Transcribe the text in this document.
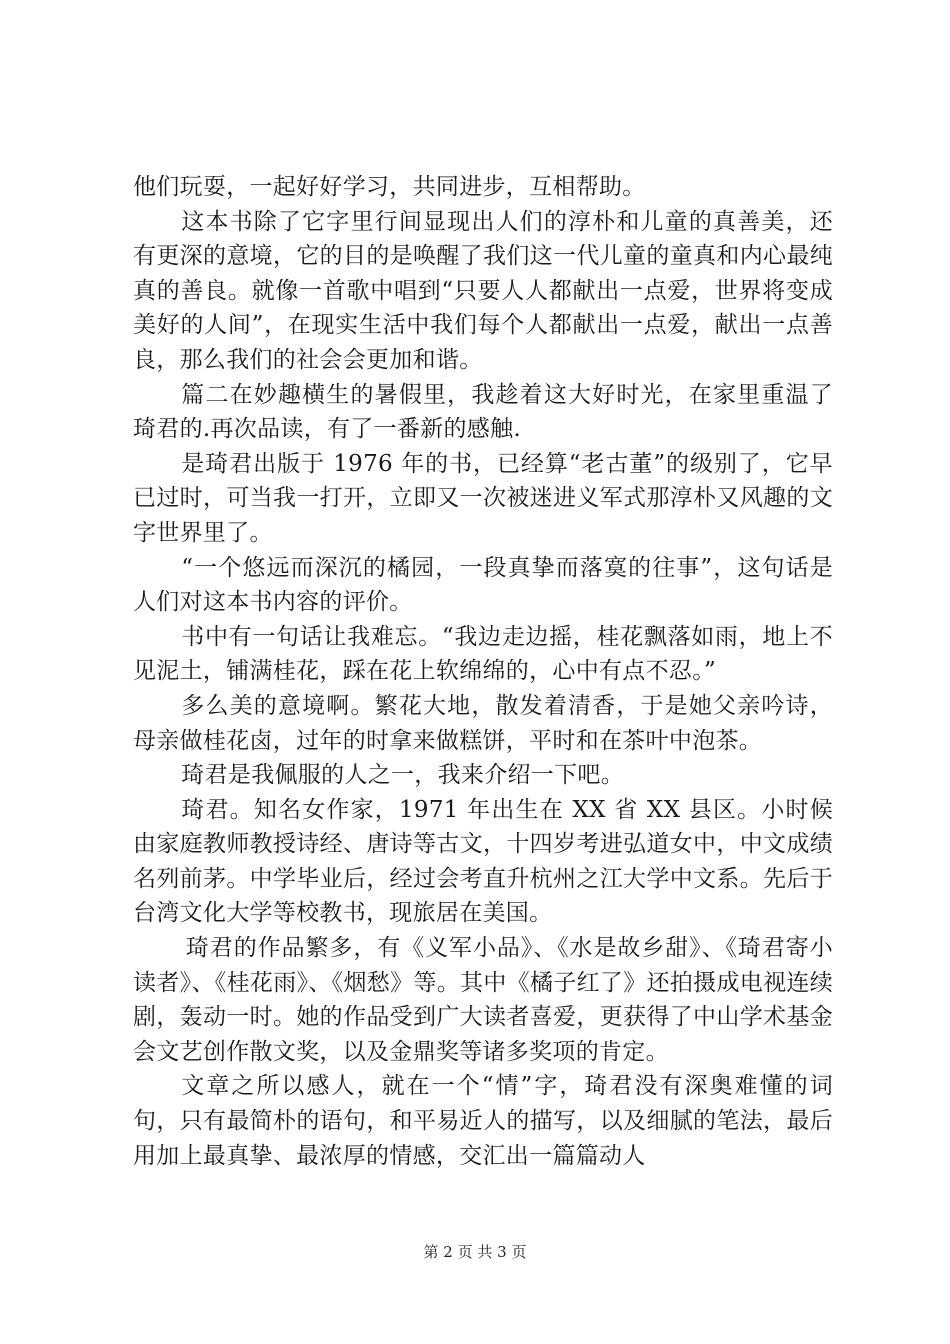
他们玩耍，一起好好学习，共同进步，互相帮助。

这本书除了它字里行间显现出人们的淳朴和儿童的真善美，还有更深的意境，它的目的是唤醒了我们这一代儿童的童真和内心最纯真的善良。就像一首歌中唱到“只要人人都献出一点爱，世界将变成美好的人间”，在现实生活中我们每个人都献出一点爱，献出一点善良，那么我们的社会会更加和谐。

篇二在妙趣横生的暑假里，我趁着这大好时光，在家里重温了琦君的.再次品读，有了一番新的感触.

是琦君出版于 1976 年的书，已经算“老古董”的级别了，它早已过时，可当我一打开，立即又一次被迷进义军式那淳朴又风趣的文字世界里了。

“一个悠远而深沉的橘园，一段真挚而落寞的往事”，这句话是人们对这本书内容的评价。

书中有一句话让我难忘。“我边走边摇，桂花飘落如雨，地上不见泥土，铺满桂花，踩在花上软绵绵的，心中有点不忍。”

多么美的意境啊。繁花大地，散发着清香，于是她父亲吟诗，母亲做桂花卤，过年的时拿来做糕饼，平时和在茶叶中泡茶。

琦君是我佩服的人之一，我来介绍一下吧。

琦君。知名女作家，1971 年出生在 XX 省 XX 县区。小时候由家庭教师教授诗经、唐诗等古文，十四岁考进弘道女中，中文成绩名列前茅。中学毕业后，经过会考直升杭州之江大学中文系。先后于台湾文化大学等校教书，现旅居在美国。

琦君的作品繁多，有《义军小品》、《水是故乡甜》、《琦君寄小读者》、《桂花雨》、《烟愁》等。其中《橘子红了》还拍摄成电视连续剧，轰动一时。她的作品受到广大读者喜爱，更获得了中山学术基金会文艺创作散文奖，以及金鼎奖等诸多奖项的肯定。

文章之所以感人，就在一个“情”字，琦君没有深奥难懂的词句，只有最简朴的语句，和平易近人的描写，以及细腻的笔法，最后用加上最真挚、最浓厚的情感，交汇出一篇篇动人

第 2 页 共 3 页
